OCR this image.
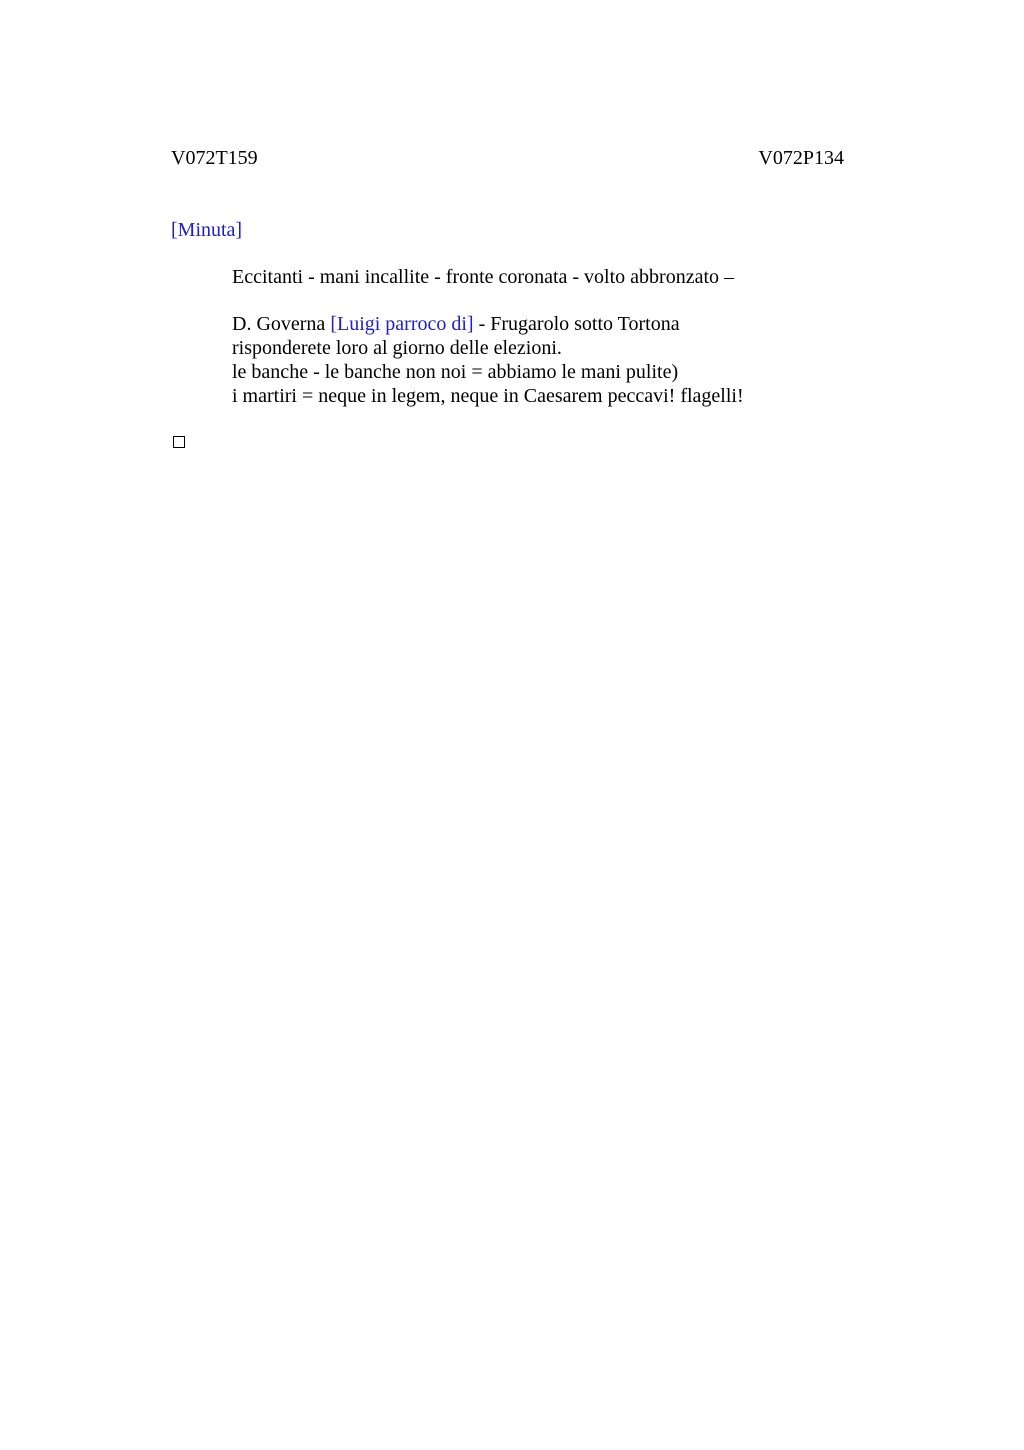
V072T159	V072P134
[Minuta]

Eccitanti - mani incallite - fronte coronata - volto abbronzato –

D. Governa [Luigi parroco di] - Frugarolo sotto Tortona
risponderete loro al giorno delle elezioni.
le banche - le banche non noi = abbiamo le mani pulite)
i martiri = neque in legem, neque in Caesarem peccavi! flagelli!
